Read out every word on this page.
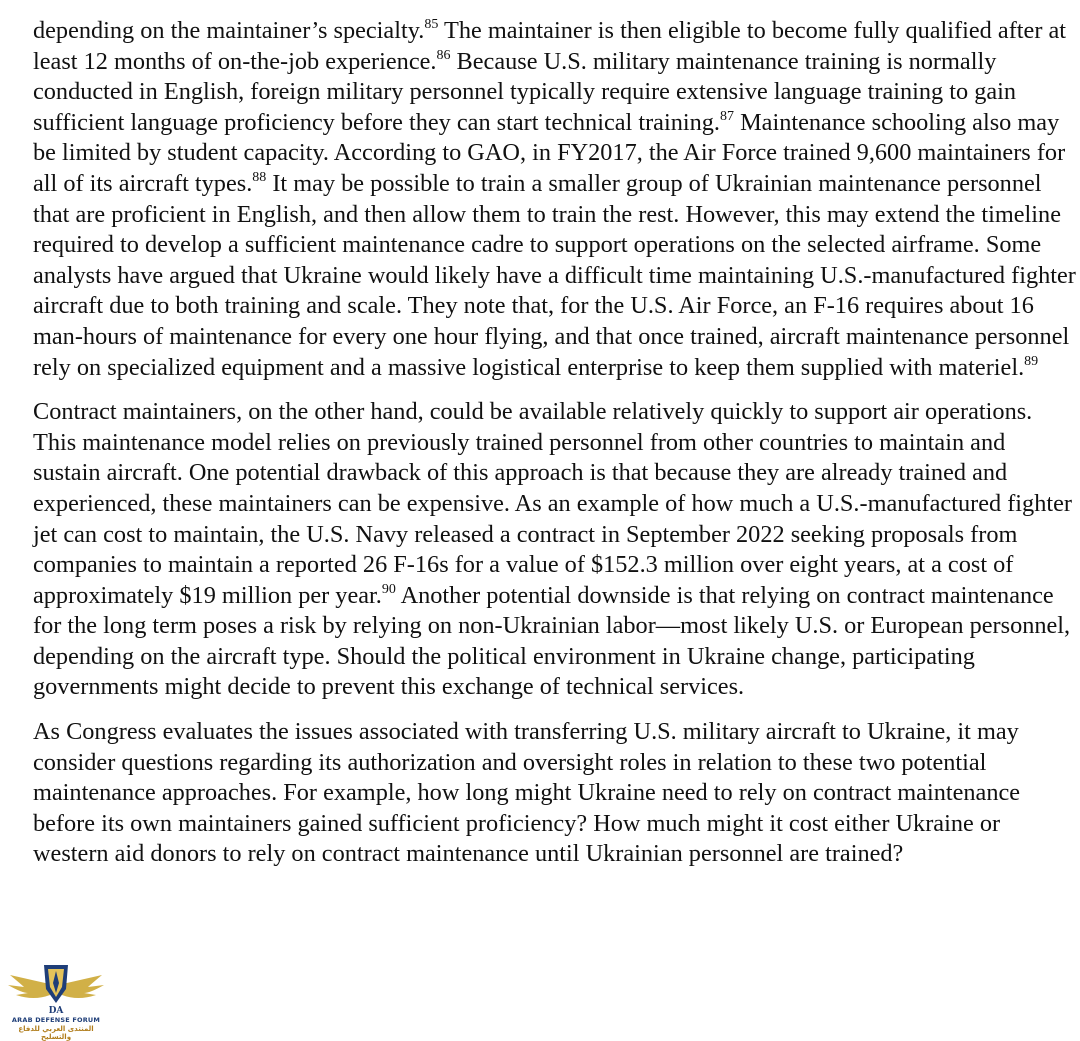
depending on the maintainer’s specialty.$^{85}$ The maintainer is then eligible to become fully qualified after at least 12 months of on-the-job experience.$^{86}$ Because U.S. military maintenance training is normally conducted in English, foreign military personnel typically require extensive language training to gain sufficient language proficiency before they can start technical training.$^{87}$ Maintenance schooling also may be limited by student capacity. According to GAO, in FY2017, the Air Force trained 9,600 maintainers for all of its aircraft types.$^{88}$ It may be possible to train a smaller group of Ukrainian maintenance personnel that are proficient in English, and then allow them to train the rest. However, this may extend the timeline required to develop a sufficient maintenance cadre to support operations on the selected airframe. Some analysts have argued that Ukraine would likely have a difficult time maintaining U.S.-manufactured fighter aircraft due to both training and scale. They note that, for the U.S. Air Force, an F-16 requires about 16 man-hours of maintenance for every one hour flying, and that once trained, aircraft maintenance personnel rely on specialized equipment and a massive logistical enterprise to keep them supplied with materiel.$^{89}$

Contract maintainers, on the other hand, could be available relatively quickly to support air operations. This maintenance model relies on previously trained personnel from other countries to maintain and sustain aircraft. One potential drawback of this approach is that because they are already trained and experienced, these maintainers can be expensive. As an example of how much a U.S.-manufactured fighter jet can cost to maintain, the U.S. Navy released a contract in September 2022 seeking proposals from companies to maintain a reported 26 F-16s for a value of $152.3 million over eight years, at a cost of approximately $19 million per year.$^{90}$ Another potential downside is that relying on contract maintenance for the long term poses a risk by relying on non-Ukrainian labor—most likely U.S. or European personnel, depending on the aircraft type. Should the political environment in Ukraine change, participating governments might decide to prevent this exchange of technical services.

As Congress evaluates the issues associated with transferring U.S. military aircraft to Ukraine, it may consider questions regarding its authorization and oversight roles in relation to these two potential maintenance approaches. For example, how long might Ukraine need to rely on contract maintenance before its own maintainers gained sufficient proficiency? How much might it cost either Ukraine or western aid donors to rely on contract maintenance until Ukrainian personnel are trained?

DA
ARAB DEFENSE FORUM
المنتدى العربي للدفاع والتسليح
